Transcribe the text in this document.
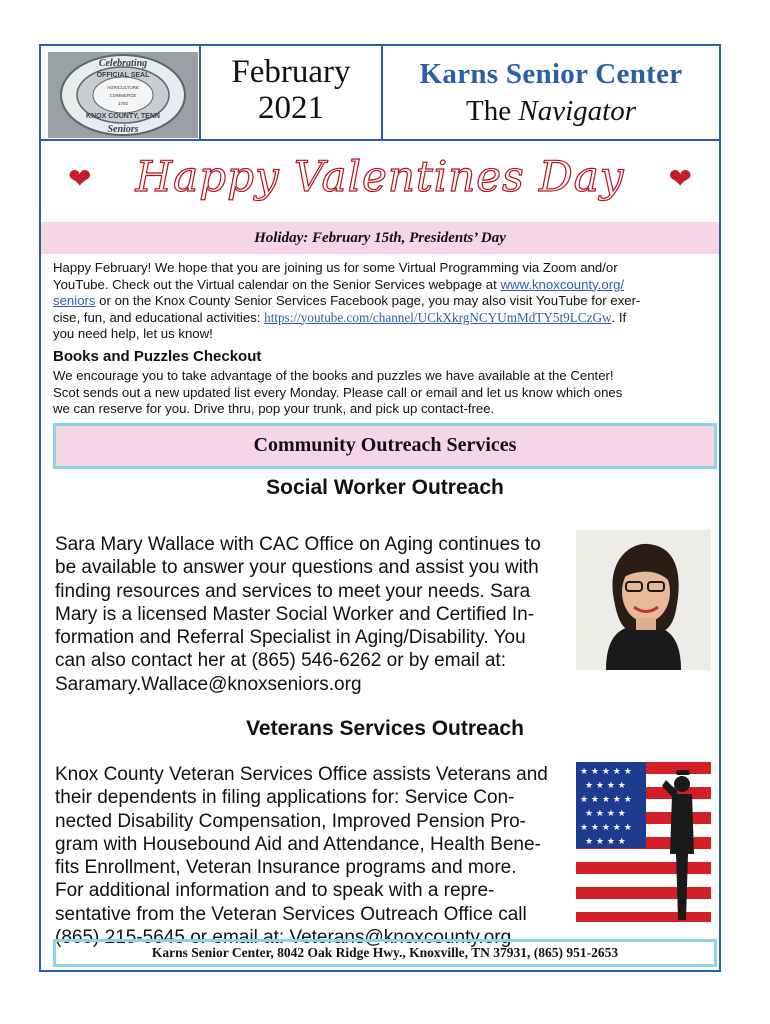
Celebrating
OFFICIAL SEAL
AGRICULTURE
COMMERCE
1792
KNOX COUNTY, TENN
Seniors
February
2021
Karns Senior Center
The Navigator
❤	❤
Happy Valentines Day
Holiday: February 15th, Presidents’ Day
Happy February! We hope that you are joining us for some Virtual Programming via Zoom and/or
YouTube. Check out the Virtual calendar on the Senior Services webpage at www.knoxcounty.org/
seniors or on the Knox County Senior Services Facebook page, you may also visit YouTube for exer-
cise, fun, and educational activities: https://youtube.com/channel/UCkXkrgNCYUmMdTY5t9LCzGw. If
you need help, let us know!
Books and Puzzles Checkout
We encourage you to take advantage of the books and puzzles we have available at the Center!
Scot sends out a new updated list every Monday. Please call or email and let us know which ones
we can reserve for you. Drive thru, pop your trunk, and pick up contact-free.
Community Outreach Services
Social Worker Outreach
Sara Mary Wallace with CAC Office on Aging continues to
be available to answer your questions and assist you with
finding resources and services to meet your needs. Sara
Mary is a licensed Master Social Worker and Certified In-
formation and Referral Specialist in Aging/Disability. You
can also contact her at (865) 546-6262 or by email at:
Saramary.Wallace@knoxseniors.org
Veterans Services Outreach
Knox County Veteran Services Office assists Veterans and
their dependents in filing applications for: Service Con-
nected Disability Compensation, Improved Pension Pro-
gram with Housebound Aid and Attendance, Health Bene-
fits Enrollment, Veteran Insurance programs and more.
For additional information and to speak with a repre-
sentative from the Veteran Services Outreach Office call
(865) 215-5645 or email at: Veterans@knoxcounty.org
★ ★ ★ ★ ★
★ ★ ★ ★
★ ★ ★ ★ ★
★ ★ ★ ★
★ ★ ★ ★ ★
★ ★ ★ ★
Karns Senior Center, 8042 Oak Ridge Hwy., Knoxville, TN 37931, (865) 951-2653
